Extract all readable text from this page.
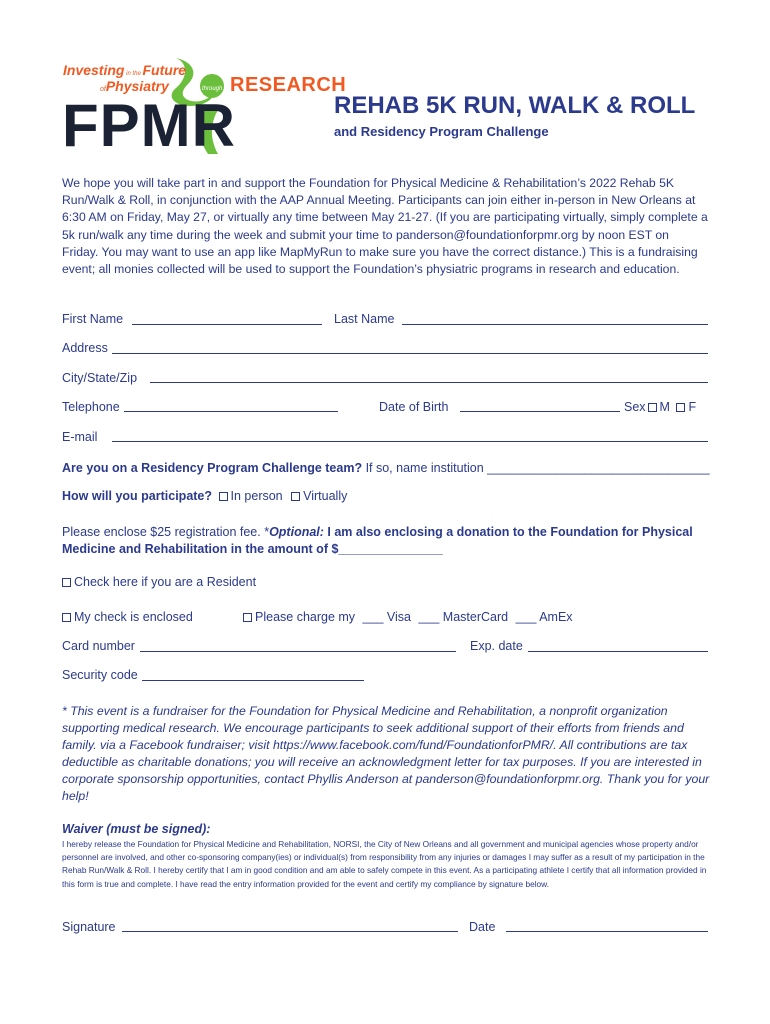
Investing in the Future
ofPhysiatry	through RESEARCH
FPMR	REHAB 5K RUN, WALK & ROLL
and Residency Program Challenge

We hope you will take part in and support the Foundation for Physical Medicine & Rehabilitation’s 2022 Rehab 5K Run/Walk & Roll, in conjunction with the AAP Annual Meeting. Participants can join either in-person in New Orleans at 6:30 AM on Friday, May 27, or virtually any time between May 21-27. (If you are participating virtually, simply complete a 5k run/walk any time during the week and submit your time to panderson@foundationforpmr.org by noon EST on Friday. You may want to use an app like MapMyRun to make sure you have the correct distance.) This is a fundraising event; all monies collected will be used to support the Foundation’s physiatric programs in research and education.

First Name	Last Name
Address
City/State/Zip
Telephone	Date of Birth	Sex M F
E-mail
Are you on a Residency Program Challenge team? If so, name institution ________________________________
How will you participate? In person Virtually

Please enclose $25 registration fee. *Optional: I am also enclosing a donation to the Foundation for Physical Medicine and Rehabilitation in the amount of $_______________

Check here if you are a Resident
My check is enclosed	Please charge my ___ Visa ___ MasterCard ___ AmEx
Card number	Exp. date
Security code

* This event is a fundraiser for the Foundation for Physical Medicine and Rehabilitation, a nonprofit organization supporting medical research. We encourage participants to seek additional support of their efforts from friends and family. via a Facebook fundraiser; visit https://www.facebook.com/fund/FoundationforPMR/. All contributions are tax deductible as charitable donations; you will receive an acknowledgment letter for tax purposes. If you are interested in corporate sponsorship opportunities, contact Phyllis Anderson at panderson@foundationforpmr.org. Thank you for your help!

Waiver (must be signed):

I hereby release the Foundation for Physical Medicine and Rehabilitation, NORSI, the City of New Orleans and all government and municipal agencies whose property and/or personnel are involved, and other co-sponsoring company(ies) or individual(s) from responsibility from any injuries or damages I may suffer as a result of my participation in the Rehab Run/Walk & Roll. I hereby certify that I am in good condition and am able to safely compete in this event. As a participating athlete I certify that all information provided in this form is true and complete. I have read the entry information provided for the event and certify my compliance by signature below.

Signature	Date
